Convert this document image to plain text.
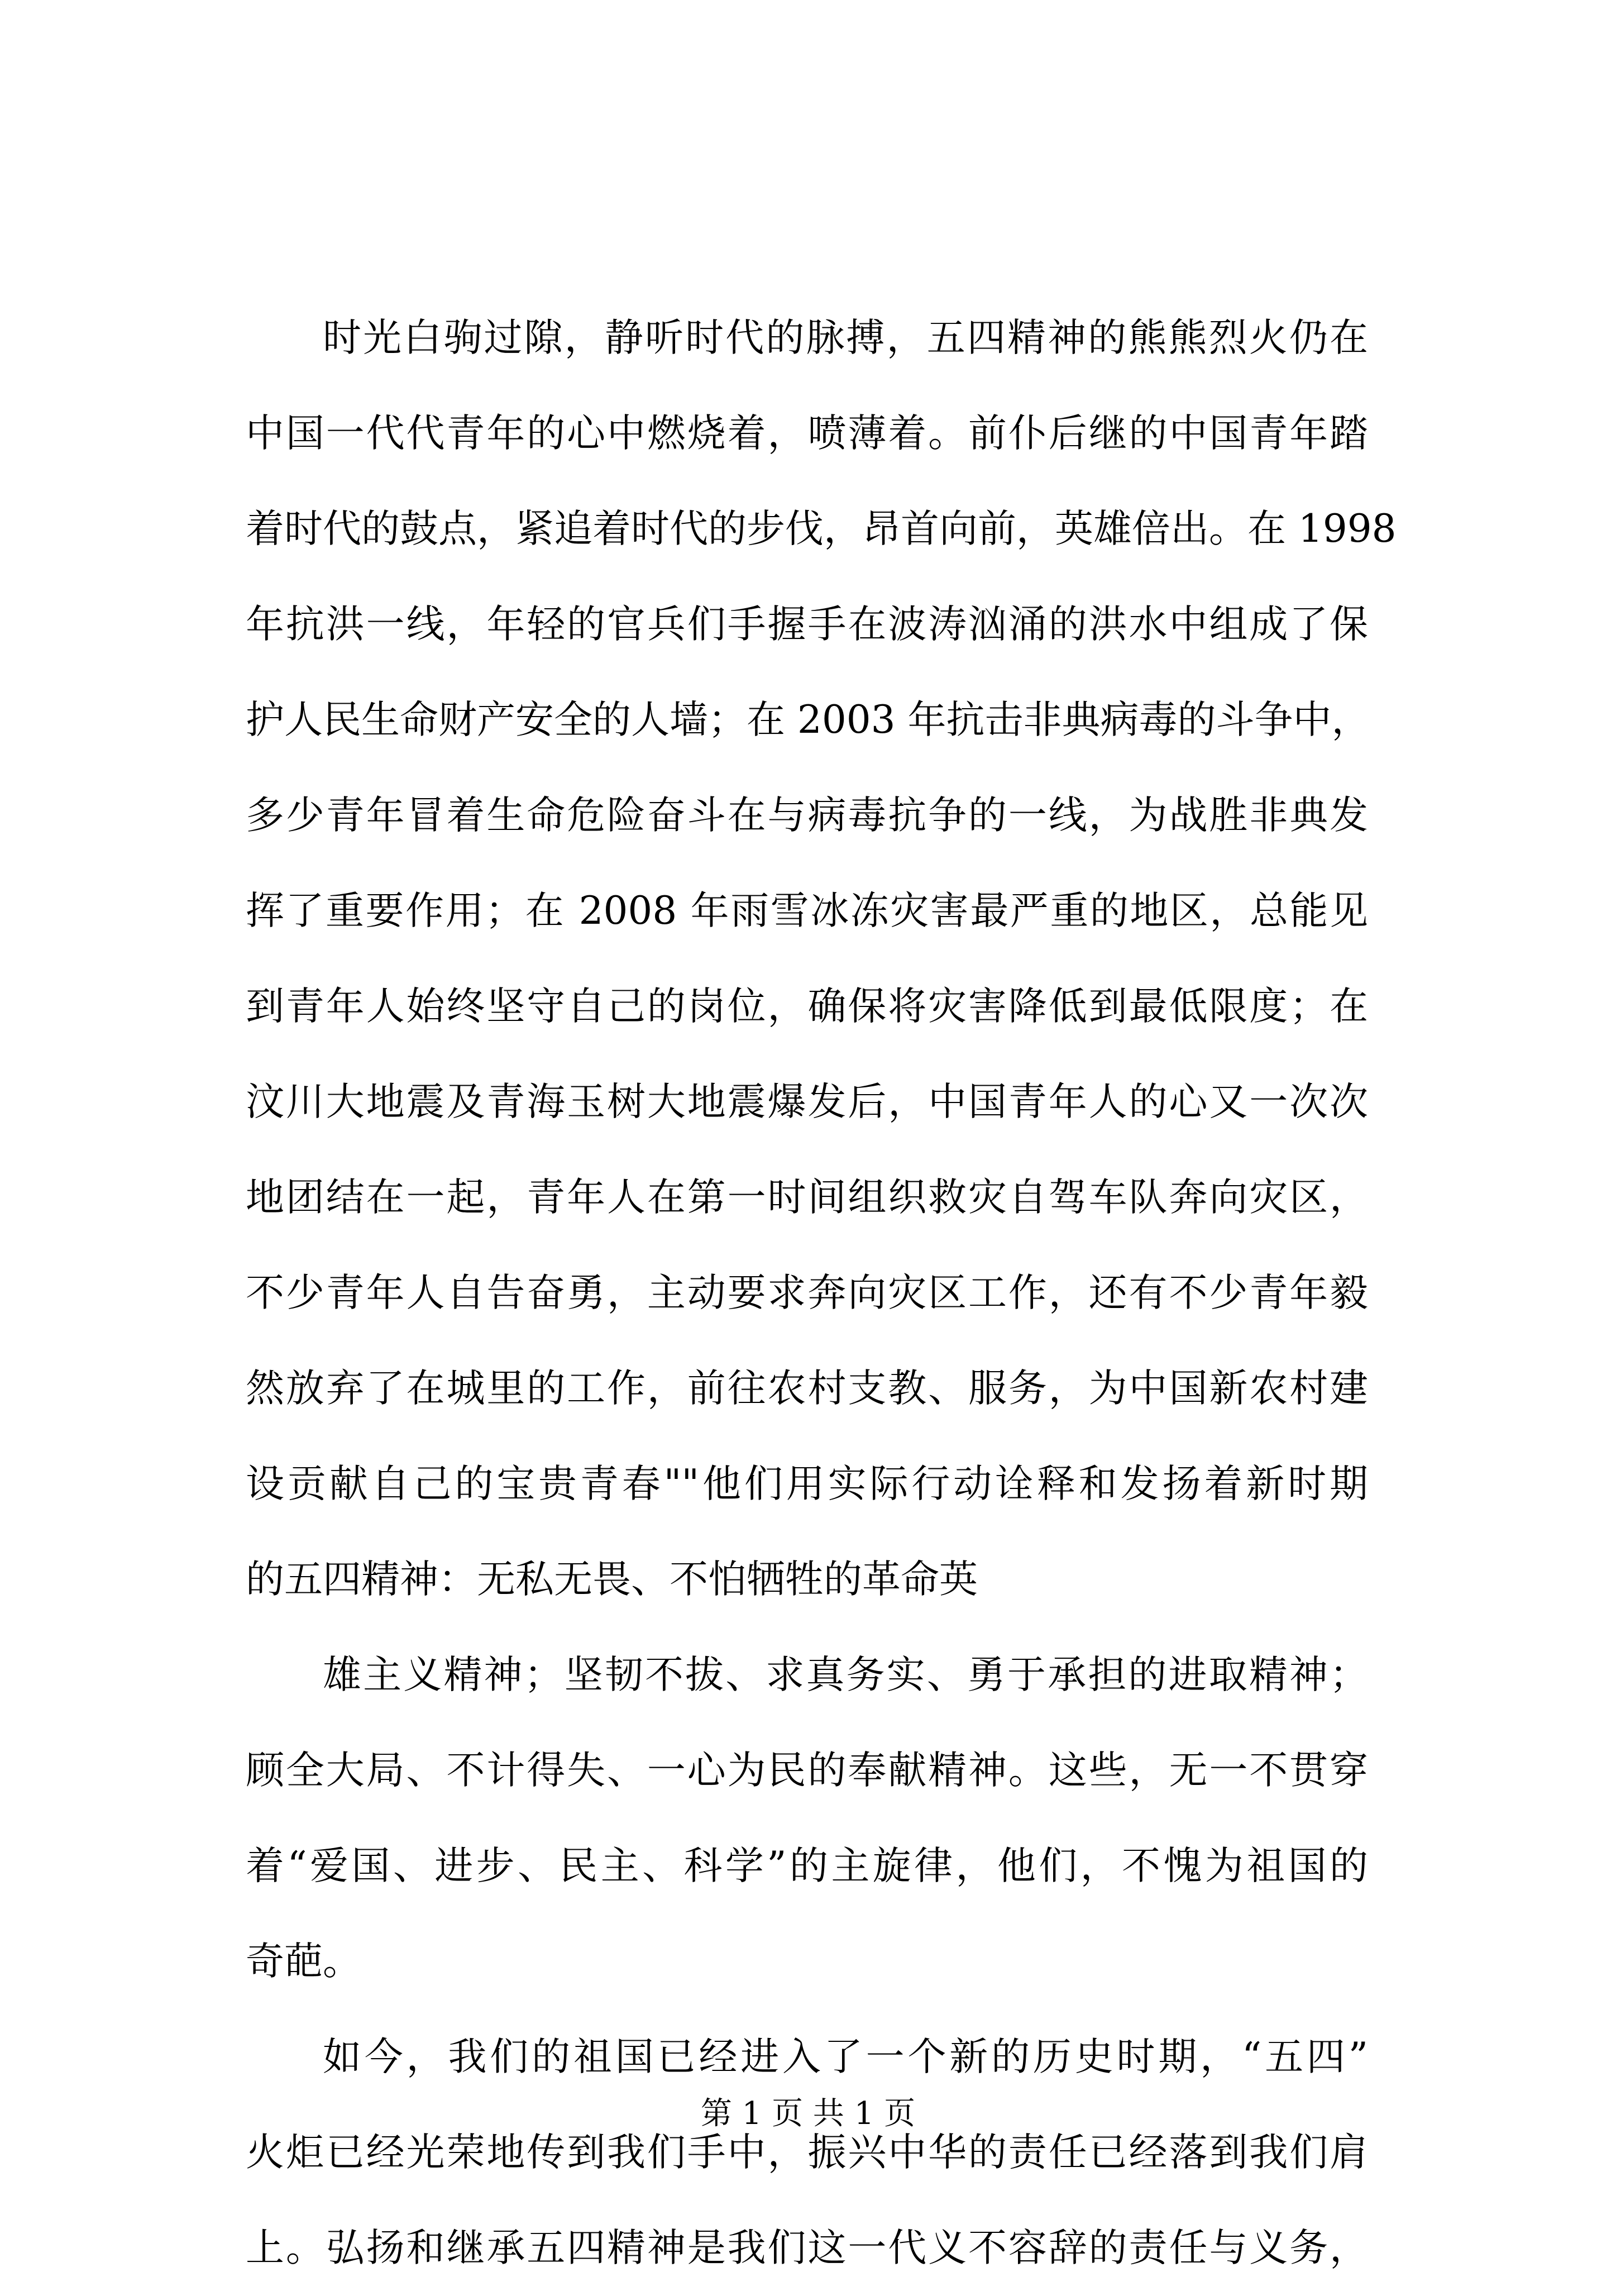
时光白驹过隙，静听时代的脉搏，五四精神的熊熊烈火仍在
中国一代代青年的心中燃烧着，喷薄着。前仆后继的中国青年踏
着时代的鼓点，紧追着时代的步伐，昂首向前，英雄倍出。在 1998
年抗洪一线，年轻的官兵们手握手在波涛汹涌的洪水中组成了保
护人民生命财产安全的人墙；在 2003 年抗击非典病毒的斗争中，
多少青年冒着生命危险奋斗在与病毒抗争的一线，为战胜非典发
挥了重要作用；在 2008 年雨雪冰冻灾害最严重的地区，总能见
到青年人始终坚守自己的岗位，确保将灾害降低到最低限度；在
汶川大地震及青海玉树大地震爆发后，中国青年人的心又一次次
地团结在一起，青年人在第一时间组织救灾自驾车队奔向灾区，
不少青年人自告奋勇，主动要求奔向灾区工作，还有不少青年毅
然放弃了在城里的工作，前往农村支教、服务，为中国新农村建
设贡献自己的宝贵青春""他们用实际行动诠释和发扬着新时期
的五四精神：无私无畏、不怕牺牲的革命英
雄主义精神；坚韧不拔、求真务实、勇于承担的进取精神；
顾全大局、不计得失、一心为民的奉献精神。这些，无一不贯穿
着“爱国、进步、民主、科学”的主旋律，他们，不愧为祖国的
奇葩。
如今，我们的祖国已经进入了一个新的历史时期，“五四”
火炬已经光荣地传到我们手中，振兴中华的责任已经落到我们肩
上。弘扬和继承五四精神是我们这一代义不容辞的责任与义务，
第 1 页 共 1 页
